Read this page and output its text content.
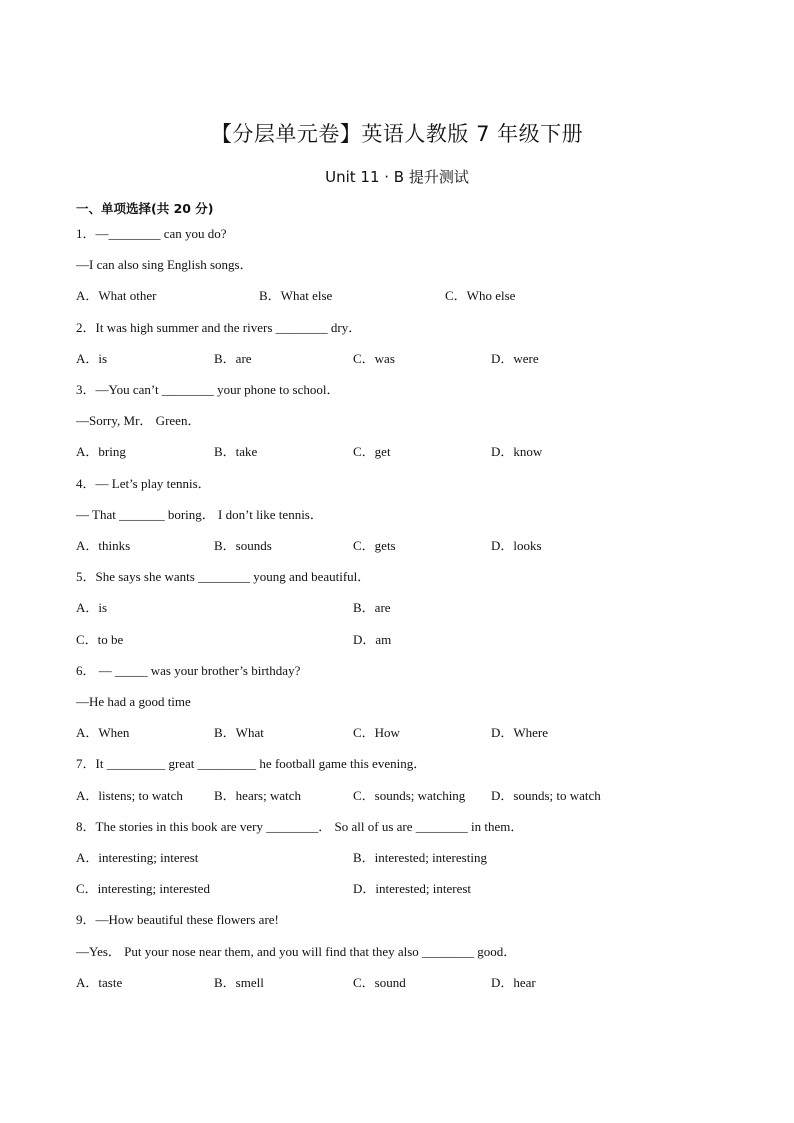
【分层单元卷】英语人教版 7 年级下册
Unit 11 · B 提升测试
一、单项选择(共 20 分)
1．—________ can you do?
—I can also sing English songs．
A．What other	B．What else	C．Who else
2．It was high summer and the rivers ________ dry．
A．is	B．are	C．was	D．were
3．—You can’t ________ your phone to school．
—Sorry, Mr． Green．
A．bring	B．take	C．get	D．know
4．— Let’s play tennis．
— That _______ boring． I don’t like tennis．
A．thinks	B．sounds	C．gets	D．looks
5．She says she wants ________ young and beautiful．
A．is	B．are
C．to be	D．am
6． — _____ was your brother’s birthday?
—He had a good time
A．When	B．What	C．How	D．Where
7．It _________ great _________ he football game this evening．
A．listens; to watch B．hears; watch	C．sounds; watching D．sounds; to watch
8．The stories in this book are very ________． So all of us are ________ in them．
A．interesting; interest	B．interested; interesting
C．interesting; interested	D．interested; interest
9．—How beautiful these flowers are!
—Yes． Put your nose near them, and you will find that they also ________ good．
A．taste	B．smell	C．sound	D．hear
